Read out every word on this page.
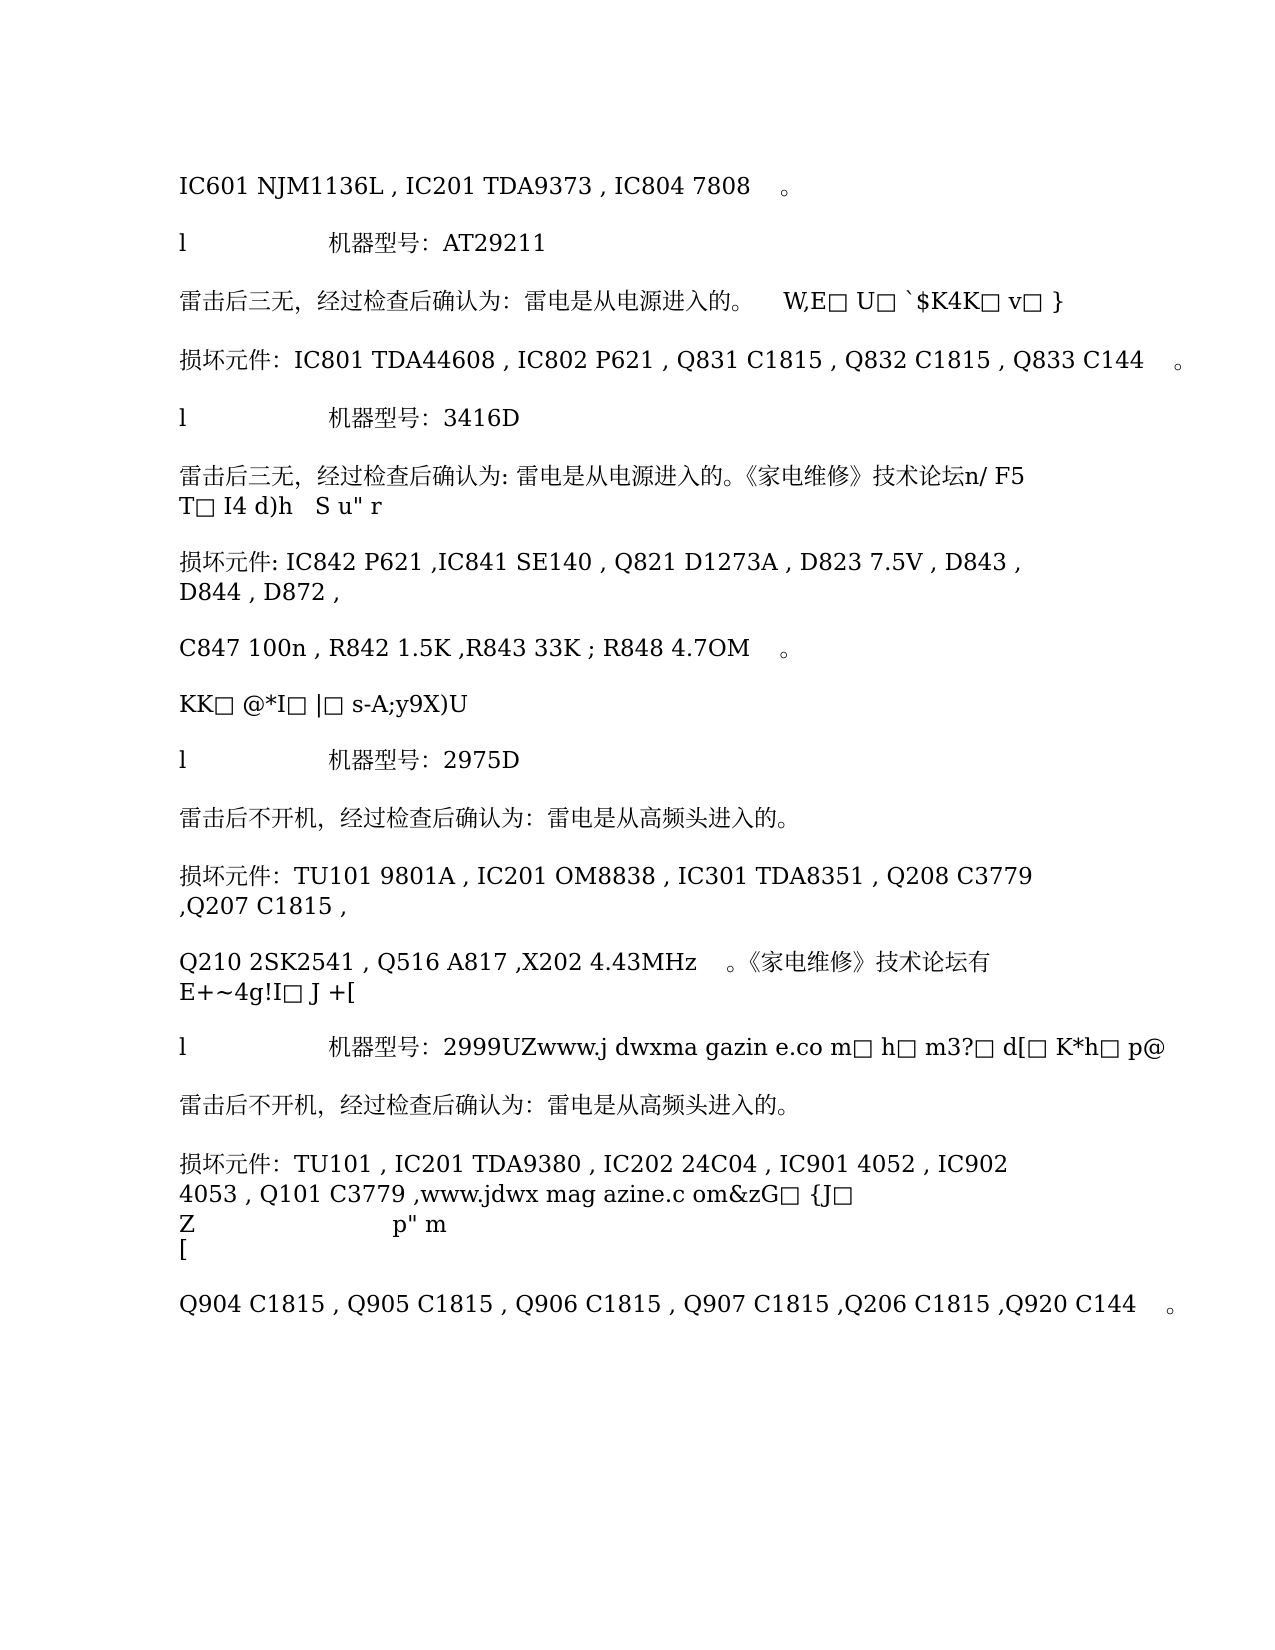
IC601 NJM1136L , IC201 TDA9373 , IC804 7808    。
l	机器型号：AT29211
雷击后三无，经过检查后确认为：雷电是从电源进入的。    W,E□ U□ `$K4K□ v□ }
损坏元件：IC801 TDA44608 , IC802 P621 , Q831 C1815 , Q832 C1815 , Q833 C144    。
l	机器型号：3416D
雷击后三无，经过检查后确认为: 雷电是从电源进入的。《家电维修》技术论坛n/ F5 T□ I4 d)h   S u" r
损坏元件: IC842 P621 ,IC841 SE140 , Q821 D1273A , D823 7.5V , D843 , D844 , D872 ,
C847 100n , R842 1.5K ,R843 33K ; R848 4.7OM    。
KK□ @*I□ |□ s-A;y9X)U
l	机器型号：2975D
雷击后不开机，经过检查后确认为：雷电是从高频头进入的。
损坏元件：TU101 9801A , IC201 OM8838 , IC301 TDA8351 , Q208 C3779 ,Q207 C1815 ,
Q210 2SK2541 , Q516 A817 ,X202 4.43MHz    。《家电维修》技术论坛有E+~4g!I□ J +[
l	机器型号：2999UZwww.j dwxma gazin e.co m□ h□ m3?□ d[□ K*h□ p@
雷击后不开机，经过检查后确认为：雷电是从高频头进入的。
损坏元件：TU101 , IC201 TDA9380 , IC202 24C04 , IC901 4052 , IC902 4053 , Q101 C3779 ,www.jdwx mag azine.c om&zG□ {J□ Z                           p" m
[
Q904 C1815 , Q905 C1815 , Q906 C1815 , Q907 C1815 ,Q206 C1815 ,Q920 C144    。
